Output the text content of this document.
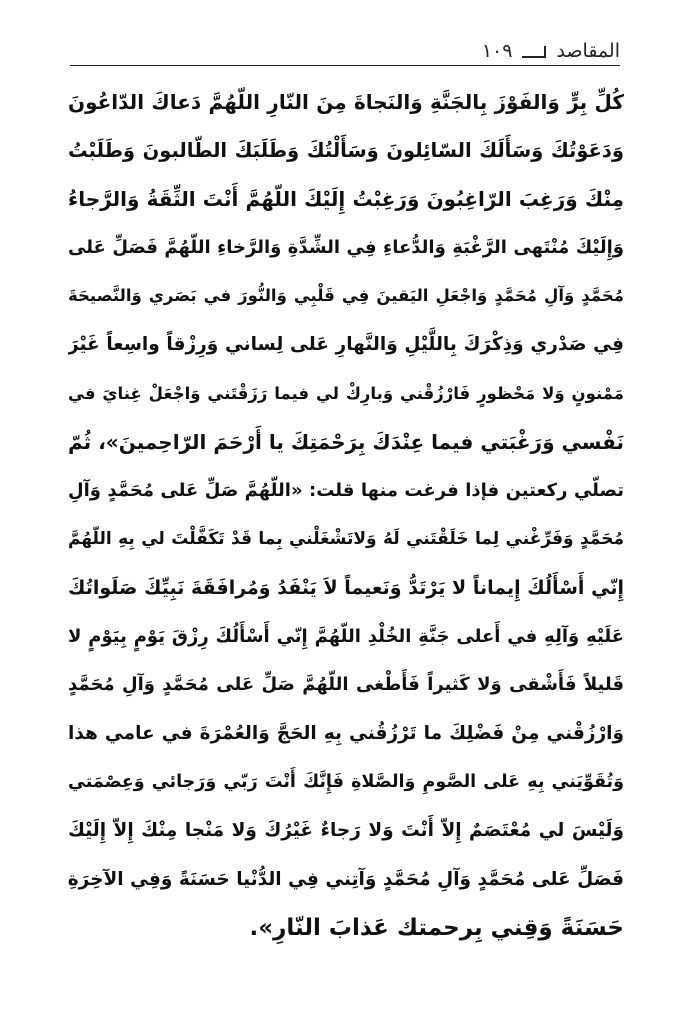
المقاصد
١٠٩
كُلِّ بِرٍّ وَالفَوْزَ بِالجَنَّةِ وَالنَجاةَ مِنَ النّارِ اللّهُمَّ دَعاكَ الدّاعُونَ
وَدَعَوْتُكَ وَسَأَلَكَ السّائِلونَ وَسَأَلْتُكَ وَطَلَبَكَ الطّالبونَ وَطَلَبْتُ
مِنْكَ وَرَغِبَ الرّاغِبُونَ وَرَغِبْتُ إِلَيْكَ اللّهُمَّ أَنْتَ الثِّقَةُ وَالرَّجاءُ
وَإِلَيْكَ مُنْتَهى الرَّغْبَةِ وَالدُّعاءِ فِي الشِّدَّةِ وَالرَّخاءِ اللّهُمَّ فَصَلِّ عَلى
مُحَمَّدٍ وَآلِ مُحَمَّدٍ وَاجْعَلِ اليَقينَ فِي قَلْبِي وَالنُّورَ في بَصَري وَالنَّصيحَةَ
فِي صَدْري وَذِكْرَكَ بِاللَّيْلِ وَالنَّهارِ عَلى لِساني وَرِزْقاً واسِعاً غَيْرَ
مَمْنونٍ وَلا مَحْظورٍ فَارْزُقْني وَبارِكْ لي فيما رَزَقْتَني وَاجْعَلْ غِنايَ في
نَفْسي وَرَغْبَتي فيما عِنْدَكَ بِرَحْمَتِكَ يا أَرْحَمَ الرّاحِمينَ»، ثُمّ
تصلّي ركعتين فإذا فرغت منها قلت: «اللّهُمَّ صَلِّ عَلى مُحَمَّدٍ وَآلِ
مُحَمَّدٍ وَفَرِّغْني لِما خَلَقْتَني لَهُ وَلاتَشْغَلْني بِما قَدْ تَكَفَّلْتَ لي بِهِ اللّهُمَّ
إِنّي أَسْأَلُكَ إِيماناً لا يَرْتَدُّ وَنَعيماً لاَ يَنْفَدُ وَمُرافَقَةَ نَبِيِّكَ صَلَواتُكَ
عَلَيْهِ وَآلِهِ في أَعلى جَنَّةِ الخُلْدِ اللّهُمَّ إِنّي أَسْأَلُكَ رِزْقَ يَوْمٍ بِيَوْمٍ لا
قَليلاً فَأَشْقى وَلا كَثيراً فَأَطْغى اللّهُمَّ صَلِّ عَلى مُحَمَّدٍ وَآلِ مُحَمَّدٍ
وَارْزُقْني مِنْ فَضْلِكَ ما تَرْزُقُني بِهِ الحَجَّ وَالعُمْرَةَ في عامي هذا
وَتُقَوِّيَني بِهِ عَلى الصَّومِ وَالصَّلاةِ فَإِنَّكَ أَنْتَ رَبّي وَرَجائي وَعِصْمَتي
وَلَيْسَ لي مُعْتَصَمٌ إِلاّ أَنْتَ وَلا رَجاءٌ غَيْرُكَ وَلا مَنْجا مِنْكَ إِلاّ إِلَيْكَ
فَصَلِّ عَلى مُحَمَّدٍ وَآلِ مُحَمَّدٍ وَآتِني فِي الدُّنْيا حَسَنَةً وَفِي الآخِرَةِ
حَسَنَةً وَقِني بِرحمتك عَذابَ النّارِ».
